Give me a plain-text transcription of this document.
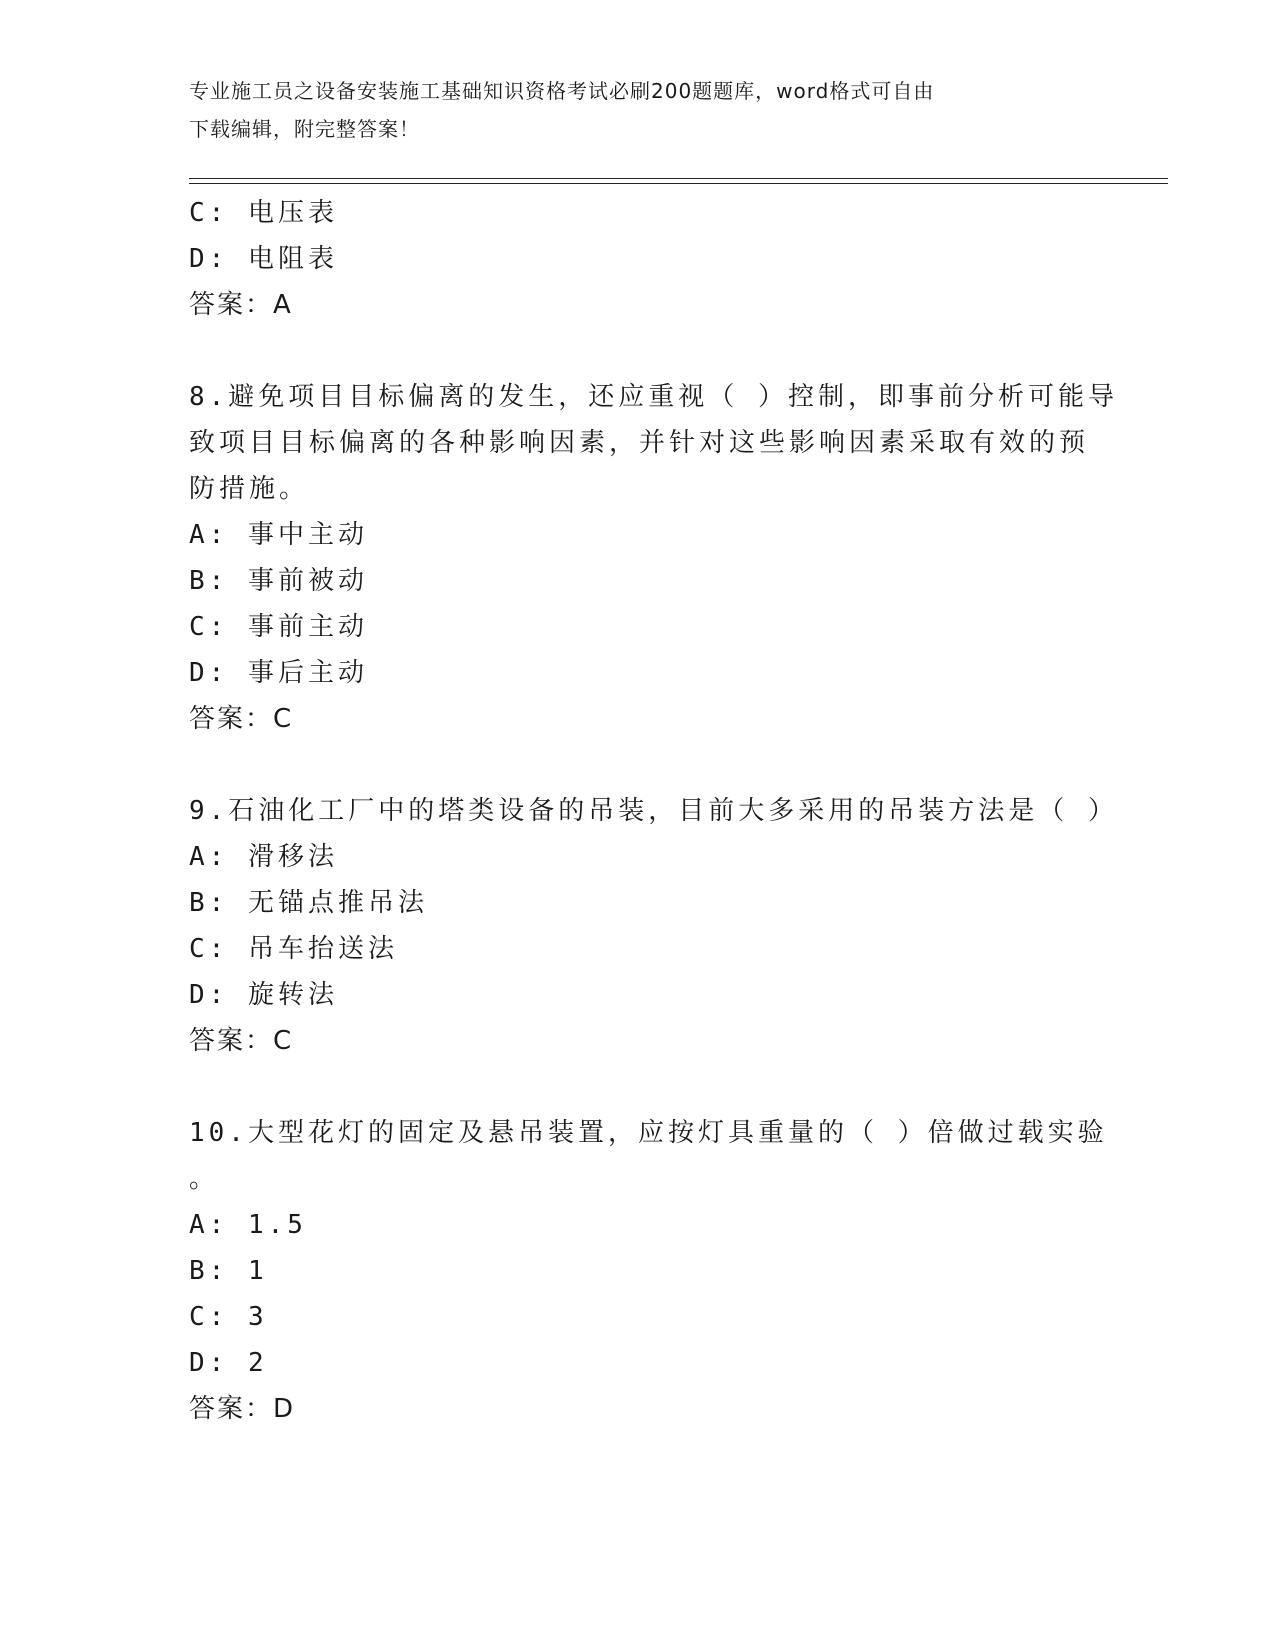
专业施工员之设备安装施工基础知识资格考试必刷200题题库，word格式可自由
下载编辑，附完整答案！
C: 电压表
D: 电阻表
答案：A
8.避免项目目标偏离的发生，还应重视（ ）控制，即事前分析可能导
致项目目标偏离的各种影响因素，并针对这些影响因素采取有效的预
防措施。
A: 事中主动
B: 事前被动
C: 事前主动
D: 事后主动
答案：C
9.石油化工厂中的塔类设备的吊装，目前大多采用的吊装方法是（ ）
A: 滑移法
B: 无锚点推吊法
C: 吊车抬送法
D: 旋转法
答案：C
10.大型花灯的固定及悬吊装置，应按灯具重量的（ ）倍做过载实验
。
A: 1.5
B: 1
C: 3
D: 2
答案：D
